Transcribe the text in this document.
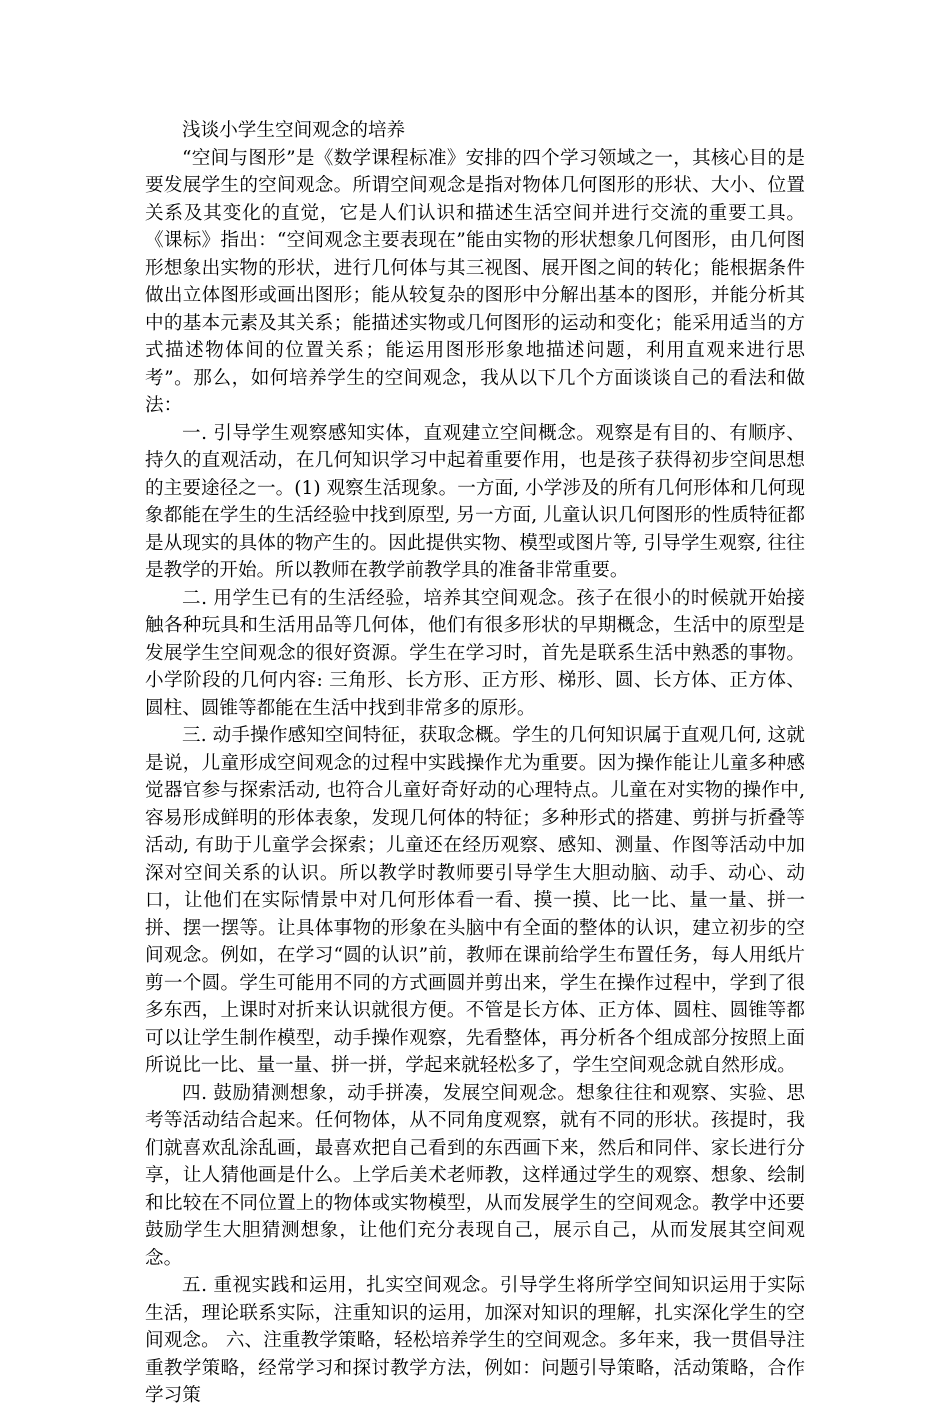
浅谈小学生空间观念的培养

“空间与图形”是《数学课程标准》安排的四个学习领域之一，其核心目的是要发展学生的空间观念。所谓空间观念是指对物体几何图形的形状、大小、位置关系及其变化的直觉，它是人们认识和描述生活空间并进行交流的重要工具。《课标》指出：“空间观念主要表现在”能由实物的形状想象几何图形，由几何图形想象出实物的形状，进行几何体与其三视图、展开图之间的转化；能根据条件做出立体图形或画出图形；能从较复杂的图形中分解出基本的图形，并能分析其中的基本元素及其关系；能描述实物或几何图形的运动和变化；能采用适当的方式描述物体间的位置关系；能运用图形形象地描述问题，利用直观来进行思考”。那么，如何培养学生的空间观念，我从以下几个方面谈谈自己的看法和做法：

一. 引导学生观察感知实体，直观建立空间概念。观察是有目的、有顺序、持久的直观活动，在几何知识学习中起着重要作用，也是孩子获得初步空间思想的主要途径之一。(1) 观察生活现象。一方面, 小学涉及的所有几何形体和几何现象都能在学生的生活经验中找到原型, 另一方面, 儿童认识几何图形的性质特征都是从现实的具体的物产生的。因此提供实物、模型或图片等, 引导学生观察, 往往是教学的开始。所以教师在教学前教学具的准备非常重要。

二. 用学生已有的生活经验，培养其空间观念。孩子在很小的时候就开始接触各种玩具和生活用品等几何体，他们有很多形状的早期概念，生活中的原型是发展学生空间观念的很好资源。学生在学习时，首先是联系生活中熟悉的事物。小学阶段的几何内容: 三角形、长方形、正方形、梯形、圆、长方体、正方体、圆柱、圆锥等都能在生活中找到非常多的原形。

三. 动手操作感知空间特征，获取念概。学生的几何知识属于直观几何, 这就是说，儿童形成空间观念的过程中实践操作尤为重要。因为操作能让儿童多种感觉器官参与探索活动, 也符合儿童好奇好动的心理特点。儿童在对实物的操作中, 容易形成鲜明的形体表象，发现几何体的特征；多种形式的搭建、剪拼与折叠等活动, 有助于儿童学会探索；儿童还在经历观察、感知、测量、作图等活动中加深对空间关系的认识。所以教学时教师要引导学生大胆动脑、动手、动心、动口，让他们在实际情景中对几何形体看一看、摸一摸、比一比、量一量、拼一拼、摆一摆等。让具体事物的形象在头脑中有全面的整体的认识，建立初步的空间观念。例如，在学习“圆的认识”前，教师在课前给学生布置任务，每人用纸片剪一个圆。学生可能用不同的方式画圆并剪出来，学生在操作过程中，学到了很多东西，上课时对折来认识就很方便。不管是长方体、正方体、圆柱、圆锥等都可以让学生制作模型，动手操作观察，先看整体，再分析各个组成部分按照上面所说比一比、量一量、拼一拼，学起来就轻松多了，学生空间观念就自然形成。

四. 鼓励猜测想象，动手拼凑，发展空间观念。想象往往和观察、实验、思考等活动结合起来。任何物体，从不同角度观察，就有不同的形状。孩提时，我们就喜欢乱涂乱画，最喜欢把自己看到的东西画下来，然后和同伴、家长进行分享，让人猜他画是什么。上学后美术老师教，这样通过学生的观察、想象、绘制和比较在不同位置上的物体或实物模型，从而发展学生的空间观念。教学中还要鼓励学生大胆猜测想象，让他们充分表现自己，展示自己，从而发展其空间观念。

五. 重视实践和运用，扎实空间观念。引导学生将所学空间知识运用于实际生活，理论联系实际，注重知识的运用，加深对知识的理解，扎实深化学生的空间观念。 六、注重教学策略，轻松培养学生的空间观念。多年来，我一贯倡导注重教学策略，经常学习和探讨教学方法，例如：问题引导策略，活动策略，合作学习策
